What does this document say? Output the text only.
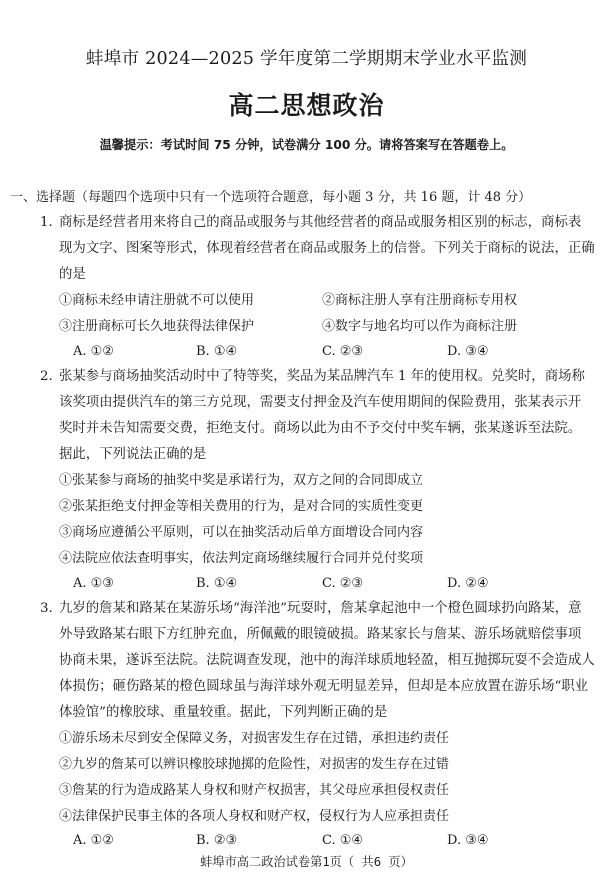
蚌埠市 2024—2025 学年度第二学期期末学业水平监测
高二思想政治
温馨提示：考试时间 75 分钟，试卷满分 100 分。请将答案写在答题卷上。
一、选择题（每题四个选项中只有一个选项符合题意，每小题 3 分，共 16 题，计 48 分）
1. 商标是经营者用来将自己的商品或服务与其他经营者的商品或服务相区别的标志，商标表
现为文字、图案等形式，体现着经营者在商品或服务上的信誉。下列关于商标的说法，正确
的是
①商标未经申请注册就不可以使用	②商标注册人享有注册商标专用权
③注册商标可长久地获得法律保护	④数字与地名均可以作为商标注册
A. ①②	B. ①④	C. ②③	D. ③④
2. 张某参与商场抽奖活动时中了特等奖，奖品为某品牌汽车 1 年的使用权。兑奖时，商场称
该奖项由提供汽车的第三方兑现，需要支付押金及汽车使用期间的保险费用，张某表示开
奖时并未告知需要交费，拒绝支付。商场以此为由不予交付中奖车辆，张某遂诉至法院。
据此，下列说法正确的是
①张某参与商场的抽奖中奖是承诺行为，双方之间的合同即成立
②张某拒绝支付押金等相关费用的行为，是对合同的实质性变更
③商场应遵循公平原则，可以在抽奖活动后单方面增设合同内容
④法院应依法查明事实，依法判定商场继续履行合同并兑付奖项
A. ①③	B. ①④	C. ②③	D. ②④
3. 九岁的詹某和路某在某游乐场“海洋池”玩耍时，詹某拿起池中一个橙色圆球扔向路某，意
外导致路某右眼下方红肿充血，所佩戴的眼镜破损。路某家长与詹某、游乐场就赔偿事项
协商未果，遂诉至法院。法院调查发现，池中的海洋球质地轻盈，相互抛掷玩耍不会造成人
体损伤；砸伤路某的橙色圆球虽与海洋球外观无明显差异，但却是本应放置在游乐场“职业
体验馆”的橡胶球、重量较重。据此，下列判断正确的是
①游乐场未尽到安全保障义务，对损害发生存在过错，承担违约责任
②九岁的詹某可以辨识橡胶球抛掷的危险性，对损害的发生存在过错
③詹某的行为造成路某人身权和财产权损害，其父母应承担侵权责任
④法律保护民事主体的各项人身权和财产权，侵权行为人应承担责任
A. ①②	B. ②③	C. ①④	D. ③④
蚌埠市高二政治试卷第1页（ 共6 页）
